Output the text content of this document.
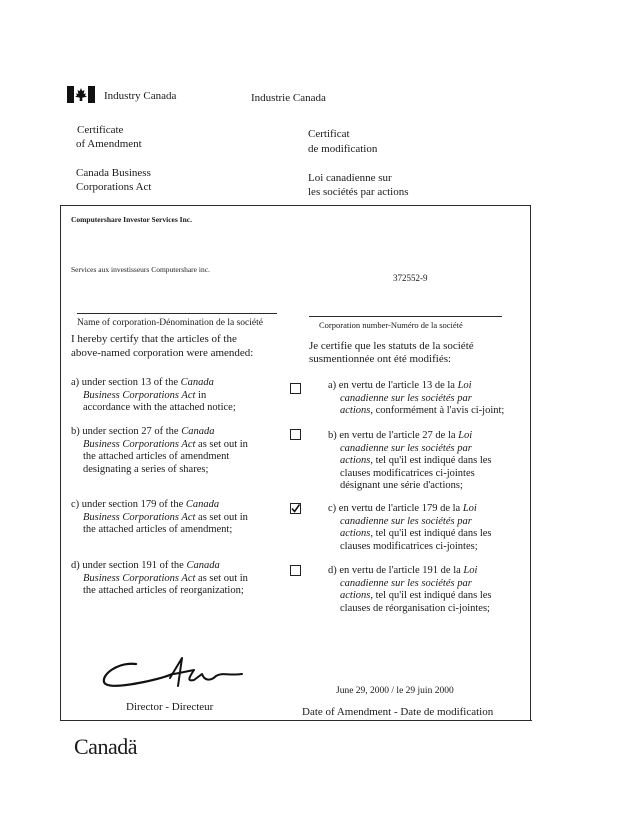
Industry Canada	Industrie Canada
Certificate
of Amendment
Certificat
de modification
Canada Business
Corporations Act
Loi canadienne sur
les sociétés par actions
Computershare Investor Services Inc.
Services aux investisseurs Computershare inc.
372552-9
Name of corporation-Dénomination de la société	Corporation number-Numéro de la société
I hereby certify that the articles of the
above-named corporation were amended:
Je certifie que les statuts de la société
susmentionnée ont été modifiés:
a) under section 13 of the Canada
Business Corporations Act in
accordance with the attached notice;
a) en vertu de l'article 13 de la Loi
canadienne sur les sociétés par
actions, conformément à l'avis ci-joint;
b) under section 27 of the Canada
Business Corporations Act as set out in
the attached articles of amendment
designating a series of shares;
b) en vertu de l'article 27 de la Loi
canadienne sur les sociétés par
actions, tel qu'il est indiqué dans les
clauses modificatrices ci-jointes
désignant une série d'actions;
c) under section 179 of the Canada
Business Corporations Act as set out in
the attached articles of amendment;
c) en vertu de l'article 179 de la Loi
canadienne sur les sociétés par
actions, tel qu'il est indiqué dans les
clauses modificatrices ci-jointes;
d) under section 191 of the Canada
Business Corporations Act as set out in
the attached articles of reorganization;
d) en vertu de l'article 191 de la Loi
canadienne sur les sociétés par
actions, tel qu'il est indiqué dans les
clauses de réorganisation ci-jointes;
June 29, 2000 / le 29 juin 2000
Director - Directeur	Date of Amendment - Date de modification
Canadä
